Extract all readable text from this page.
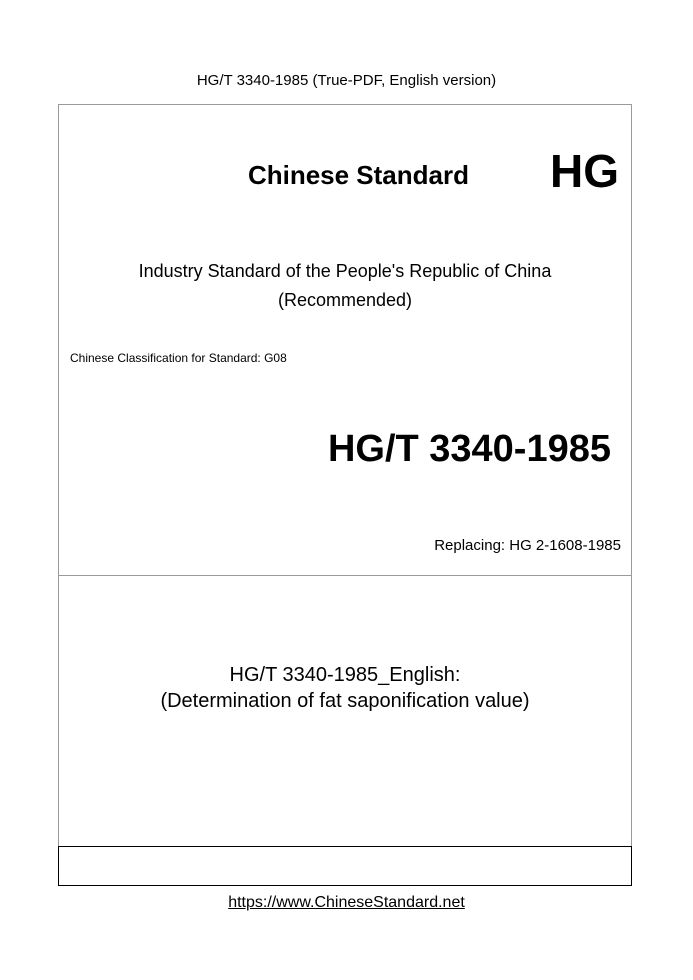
HG/T 3340-1985 (True-PDF, English version)
Chinese Standard HG
Industry Standard of the People's Republic of China
(Recommended)
Chinese Classification for Standard: G08
HG/T 3340-1985
Replacing: HG 2-1608-1985
HG/T 3340-1985_English:
(Determination of fat saponification value)
https://www.ChineseStandard.net
